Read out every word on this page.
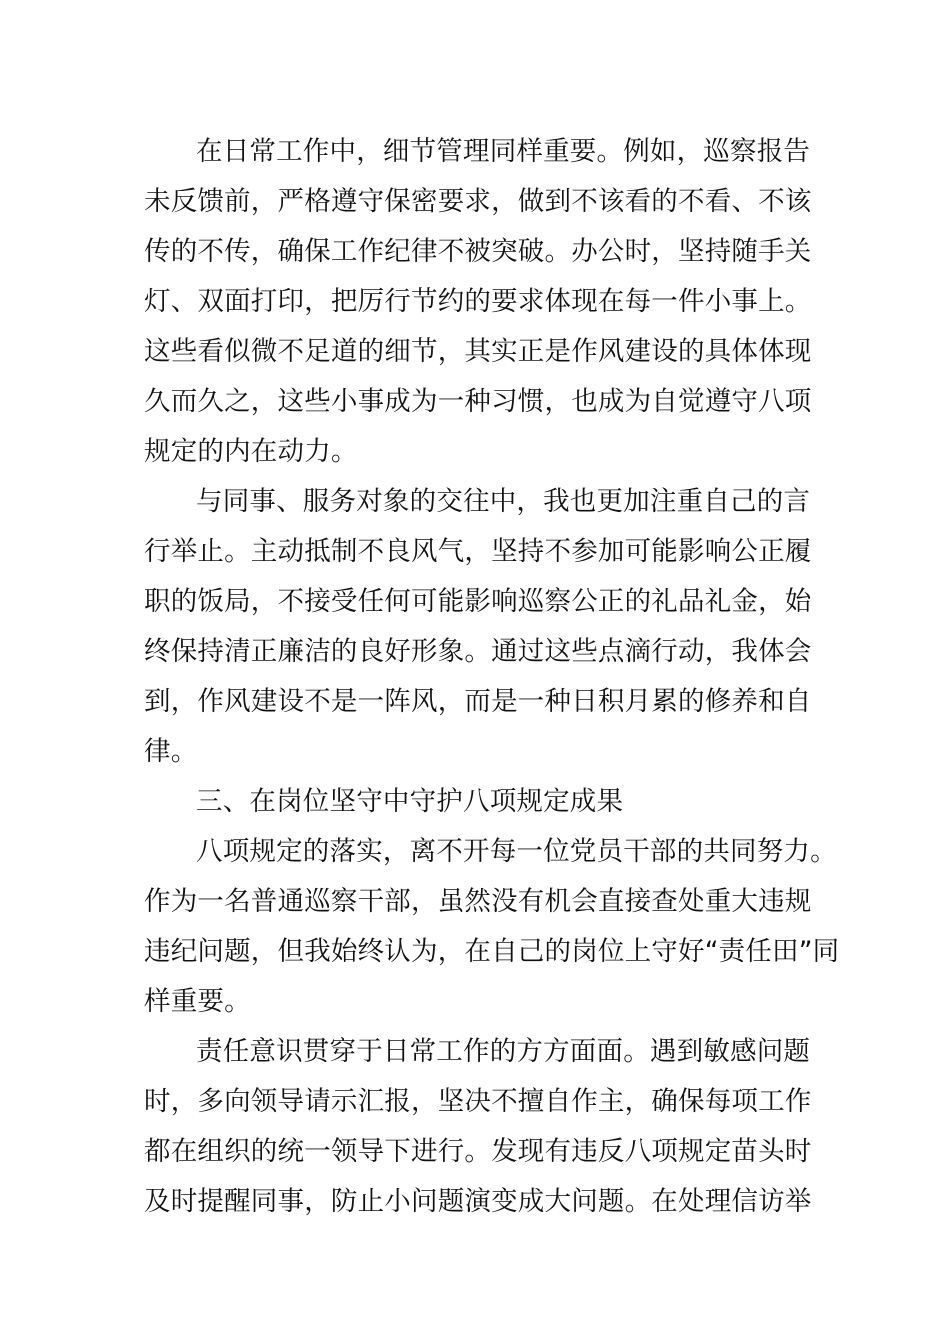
在日常工作中，细节管理同样重要。例如，巡察报告
未反馈前，严格遵守保密要求，做到不该看的不看、不该
传的不传，确保工作纪律不被突破。办公时，坚持随手关
灯、双面打印，把厉行节约的要求体现在每一件小事上。
这些看似微不足道的细节，其实正是作风建设的具体体现
久而久之，这些小事成为一种习惯，也成为自觉遵守八项
规定的内在动力。
与同事、服务对象的交往中，我也更加注重自己的言
行举止。主动抵制不良风气，坚持不参加可能影响公正履
职的饭局，不接受任何可能影响巡察公正的礼品礼金，始
终保持清正廉洁的良好形象。通过这些点滴行动，我体会
到，作风建设不是一阵风，而是一种日积月累的修养和自
律。
三、在岗位坚守中守护八项规定成果
八项规定的落实，离不开每一位党员干部的共同努力。
作为一名普通巡察干部，虽然没有机会直接查处重大违规
违纪问题，但我始终认为，在自己的岗位上守好“责任田”同
样重要。
责任意识贯穿于日常工作的方方面面。遇到敏感问题
时，多向领导请示汇报，坚决不擅自作主，确保每项工作
都在组织的统一领导下进行。发现有违反八项规定苗头时
及时提醒同事，防止小问题演变成大问题。在处理信访举
